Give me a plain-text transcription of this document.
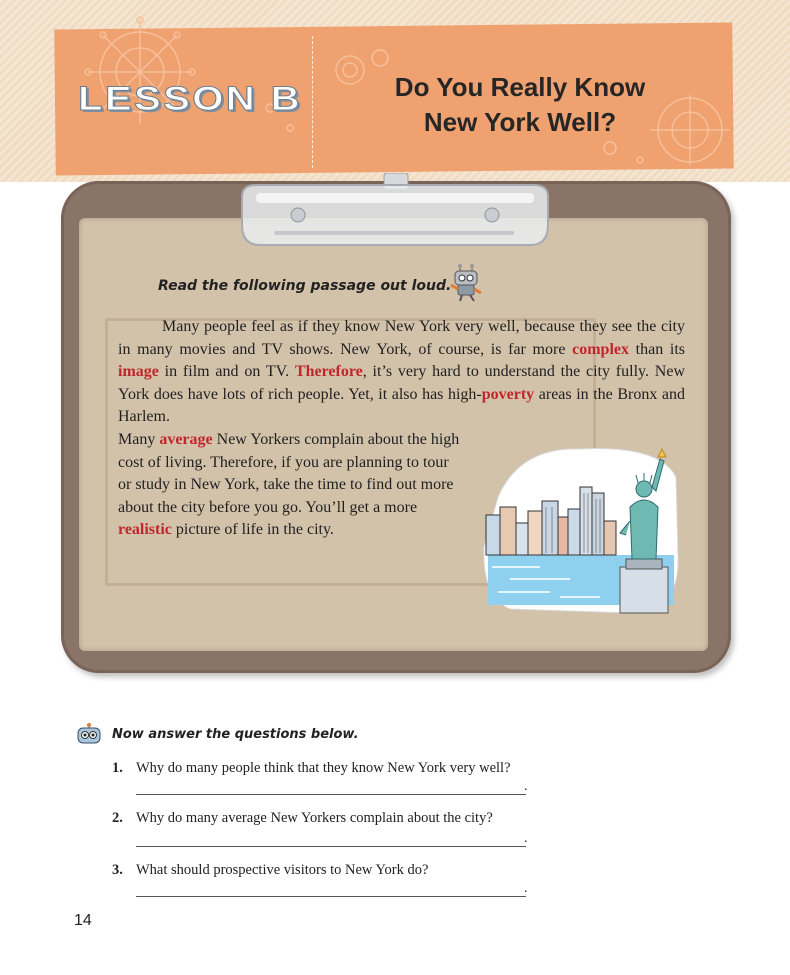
LESSON B	Do You Really Know
New York Well?
Read the following passage out loud.

Many people feel as if they know New York very well, because they see the city in many movies and TV shows. New York, of course, is far more complex than its image in film and on TV. Therefore, it’s very hard to understand the city fully. New York does have lots of rich people. Yet, it also has high-poverty areas in the Bronx and Harlem.

Many average New Yorkers complain about the high cost of living. Therefore, if you are planning to tour or study in New York, take the time to find out more about the city before you go. You’ll get a more realistic picture of life in the city.

Now answer the questions below.
1. Why do many people think that they know New York very well?
.
2. Why do many average New Yorkers complain about the city?
.
3. What should prospective visitors to New York do?
.
14
